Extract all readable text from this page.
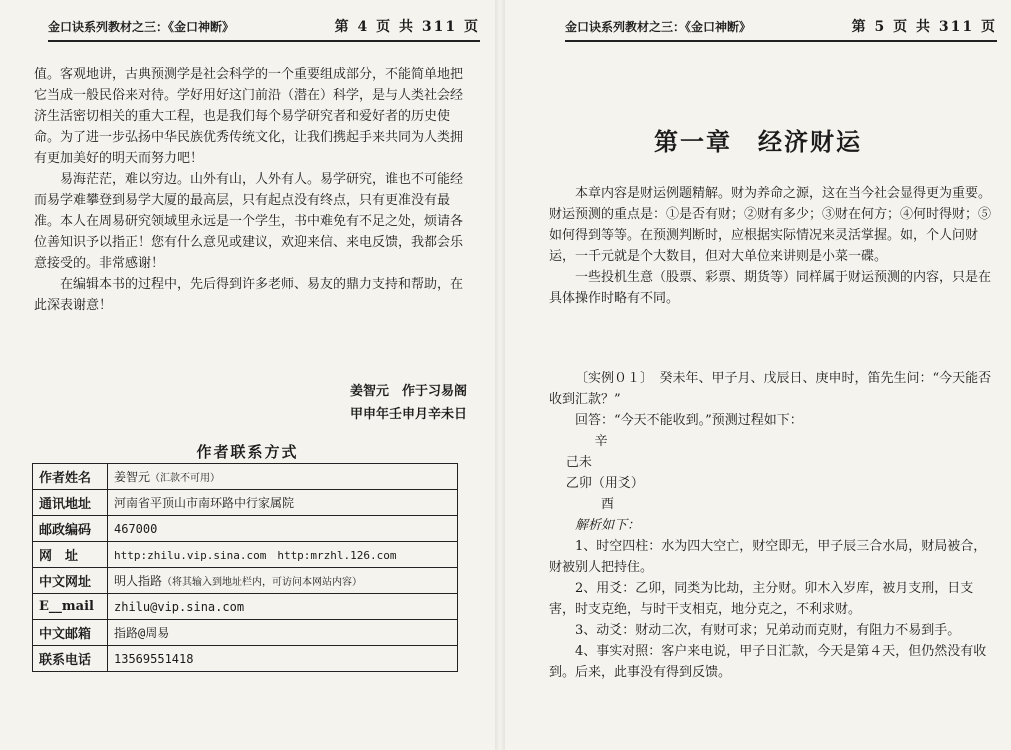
金口诀系列教材之三：《金口神断》	第 4 页 共 311 页

值。客观地讲，古典预测学是社会科学的一个重要组成部分，不能简单地把它当成一般民俗来对待。学好用好这门前沿（潜在）科学，是与人类社会经济生活密切相关的重大工程，也是我们每个易学研究者和爱好者的历史使命。为了进一步弘扬中华民族优秀传统文化，让我们携起手来共同为人类拥有更加美好的明天而努力吧！

易海茫茫，难以穷边。山外有山，人外有人。易学研究，谁也不可能经而易学难攀登到易学大厦的最高层，只有起点没有终点，只有更准没有最准。本人在周易研究领域里永远是一个学生，书中难免有不足之处，烦请各位善知识予以指正！您有什么意见或建议，欢迎来信、来电反馈，我都会乐意接受的。非常感谢！

在编辑本书的过程中，先后得到许多老师、易友的鼎力支持和帮助，在此深表谢意！

姜智元　作于习易阁
甲申年壬申月辛未日
作者联系方式
作者姓名	姜智元（汇款不可用）
通讯地址	河南省平顶山市南环路中行家属院
邮政编码	467000
网　址	http:zhilu.vip.sina.com　http:mrzhl.126.com
中文网址	明人指路（将其输入到地址栏内，可访问本网站内容）
E__mail	zhilu@vip.sina.com
中文邮箱	指路@周易
联系电话	13569551418
金口诀系列教材之三：《金口神断》	第 5 页 共 311 页
第一章　经济财运

本章内容是财运例题精解。财为养命之源，这在当今社会显得更为重要。财运预测的重点是：①是否有财；②财有多少；③财在何方；④何时得财；⑤如何得到等等。在预测判断时，应根据实际情况来灵活掌握。如，个人问财运，一千元就是个大数目，但对大单位来讲则是小菜一碟。

一些投机生意（股票、彩票、期货等）同样属于财运预测的内容，只是在具体操作时略有不同。

〔实例０１〕　癸未年、甲子月、戊辰日、庚申时，笛先生问：“今天能否收到汇款？”

回答：“今天不能收到。”预测过程如下：

辛

己未

乙卯（用爻）

酉

解析如下：

1、时空四柱：水为四大空亡，财空即无，甲子辰三合水局，财局被合，财被别人把持住。

2、用爻：乙卯，同类为比劫，主分财。卯木入岁库，被月支刑，日支害，时支克绝，与时干支相克，地分克之，不利求财。

3、动爻：财动二次，有财可求；兄弟动而克财，有阻力不易到手。

4、事实对照：客户来电说，甲子日汇款，今天是第４天，但仍然没有收到。后来，此事没有得到反馈。
